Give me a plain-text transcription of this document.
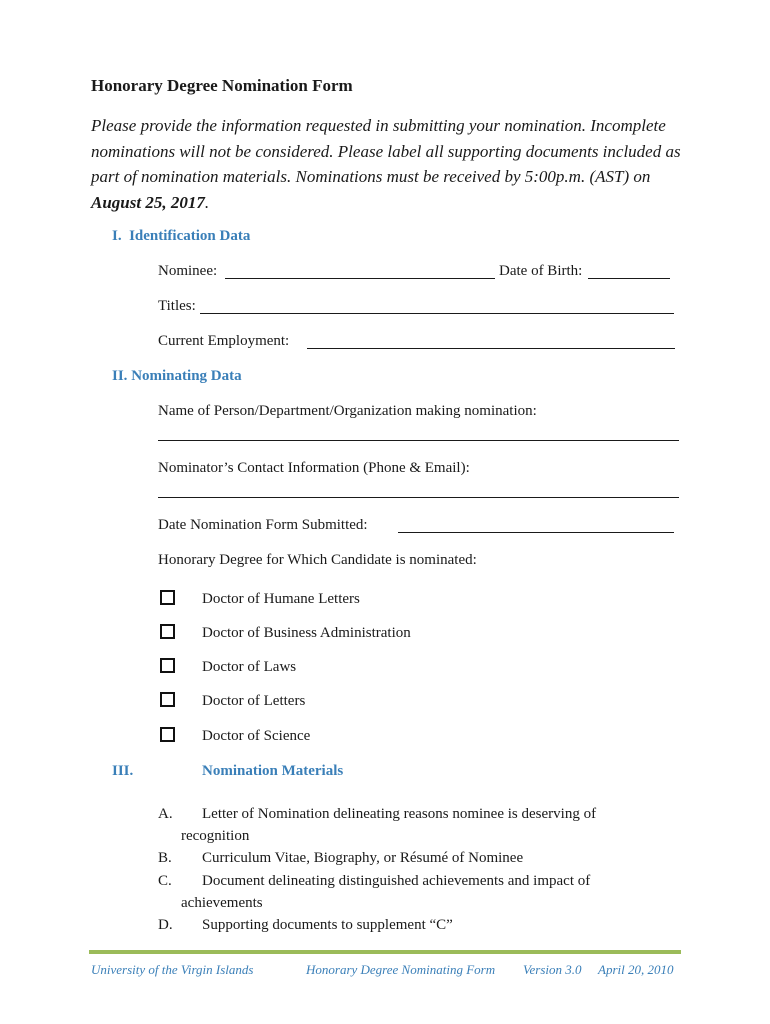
Honorary Degree Nomination Form
Please provide the information requested in submitting your nomination. Incomplete nominations will not be considered. Please label all supporting documents included as part of nomination materials. Nominations must be received by 5:00p.m. (AST) on August 25, 2017.
I. Identification Data
Nominee:	Date of Birth:
Titles:
Current Employment:
II. Nominating Data
Name of Person/Department/Organization making nomination:
Nominator’s Contact Information (Phone & Email):
Date Nomination Form Submitted:
Honorary Degree for Which Candidate is nominated:
Doctor of Humane Letters
Doctor of Business Administration
Doctor of Laws
Doctor of Letters
Doctor of Science
III.	Nomination Materials
A. Letter of Nomination delineating reasons nominee is deserving of
recognition
B. Curriculum Vitae, Biography, or Résumé of Nominee
C. Document delineating distinguished achievements and impact of
achievements
D. Supporting documents to supplement “C”
University of the Virgin Islands	Honorary Degree Nominating Form Version 3.0 April 20, 2010
